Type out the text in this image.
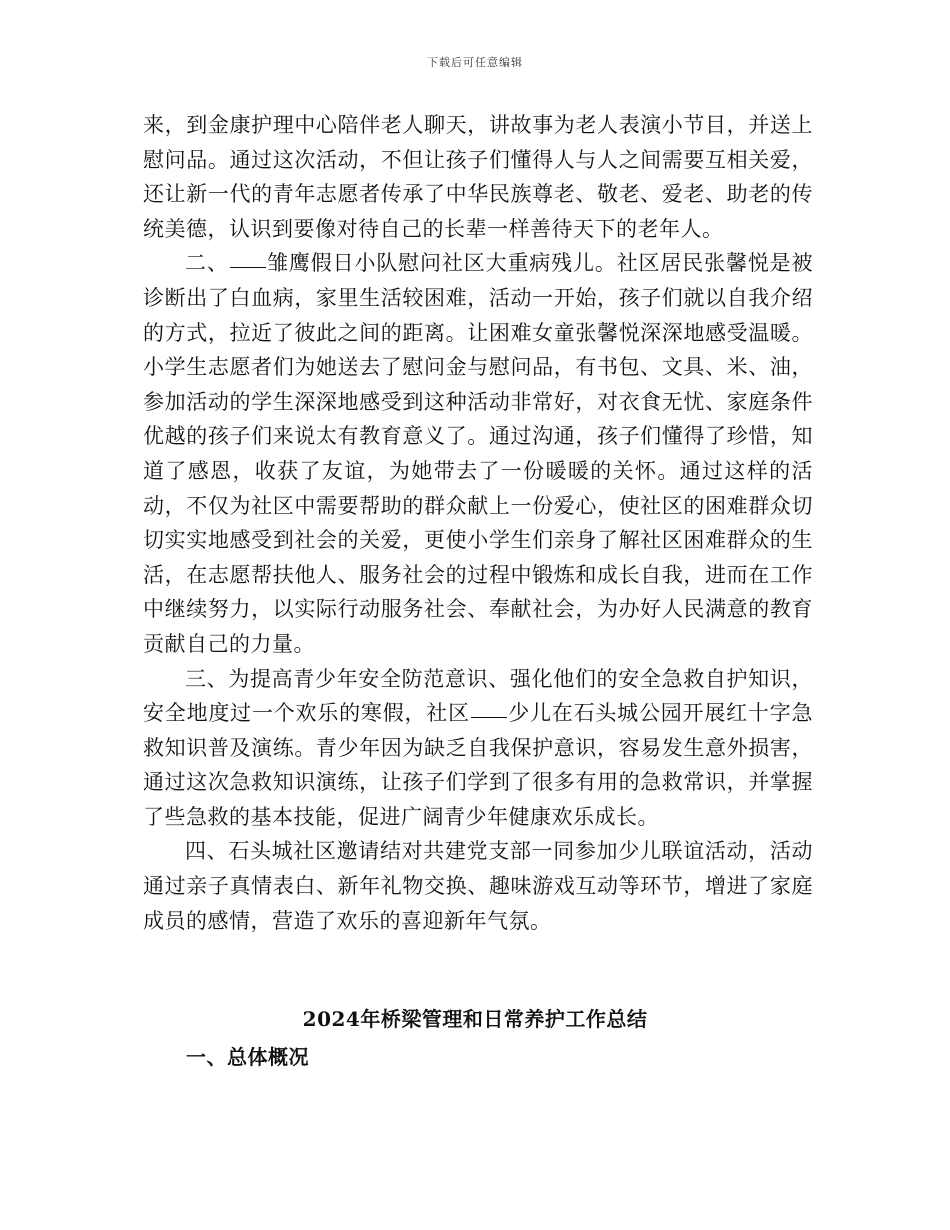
下载后可任意编辑

来，到金康护理中心陪伴老人聊天，讲故事为老人表演小节目，并送上慰问品。通过这次活动，不但让孩子们懂得人与人之间需要互相关爱，还让新一代的青年志愿者传承了中华民族尊老、敬老、爱老、助老的传统美德，认识到要像对待自己的长辈一样善待天下的老年人。

二、 雏鹰假日小队慰问社区大重病残儿。社区居民张馨悦是被诊断出了白血病，家里生活较困难，活动一开始，孩子们就以自我介绍的方式，拉近了彼此之间的距离。让困难女童张馨悦深深地感受温暖。小学生志愿者们为她送去了慰问金与慰问品，有书包、文具、米、油，参加活动的学生深深地感受到这种活动非常好，对衣食无忧、家庭条件优越的孩子们来说太有教育意义了。通过沟通，孩子们懂得了珍惜，知道了感恩，收获了友谊，为她带去了一份暖暖的关怀。通过这样的活动，不仅为社区中需要帮助的群众献上一份爱心，使社区的困难群众切切实实地感受到社会的关爱，更使小学生们亲身了解社区困难群众的生活，在志愿帮扶他人、服务社会的过程中锻炼和成长自我，进而在工作中继续努力，以实际行动服务社会、奉献社会，为办好人民满意的教育贡献自己的力量。

三、为提高青少年安全防范意识、强化他们的安全急救自护知识，安全地度过一个欢乐的寒假，社区 少儿在石头城公园开展红十字急救知识普及演练。青少年因为缺乏自我保护意识，容易发生意外损害，通过这次急救知识演练，让孩子们学到了很多有用的急救常识，并掌握了些急救的基本技能，促进广阔青少年健康欢乐成长。

四、石头城社区邀请结对共建党支部一同参加少儿联谊活动，活动通过亲子真情表白、新年礼物交换、趣味游戏互动等环节，增进了家庭成员的感情，营造了欢乐的喜迎新年气氛。

2024年桥梁管理和日常养护工作总结
一、总体概况
